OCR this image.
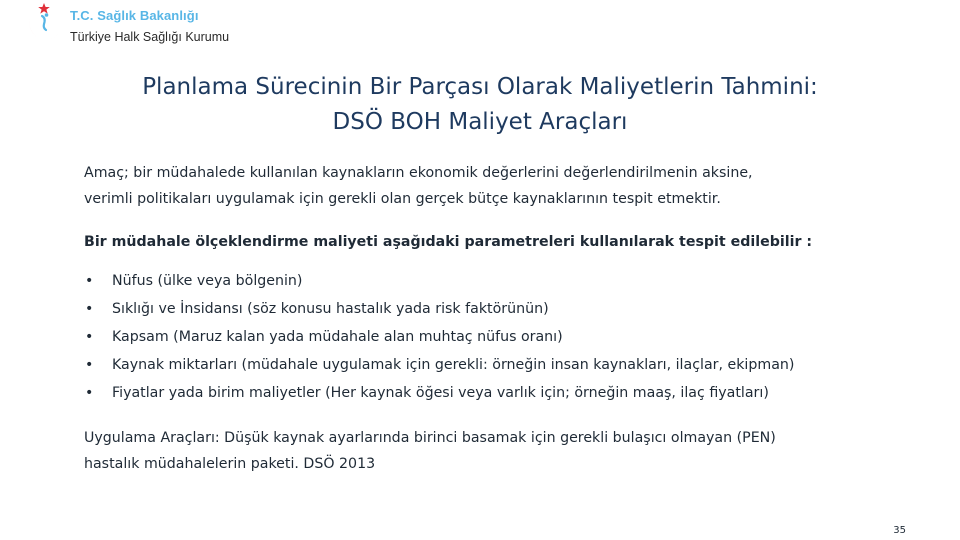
T.C. Sağlık Bakanlığı
Türkiye Halk Sağlığı Kurumu
Planlama Sürecinin Bir Parçası Olarak Maliyetlerin Tahmini:
DSÖ BOH Maliyet Araçları
Amaç; bir müdahalede kullanılan kaynakların ekonomik değerlerini değerlendirilmenin aksine,
verimli politikaları uygulamak için gerekli olan gerçek bütçe kaynaklarının tespit etmektir.
Bir müdahale ölçeklendirme maliyeti aşağıdaki parametreleri kullanılarak tespit edilebilir :
• Nüfus (ülke veya bölgenin)
• Sıklığı ve İnsidansı (söz konusu hastalık yada risk faktörünün)
• Kapsam (Maruz kalan yada müdahale alan muhtaç nüfus oranı)
• Kaynak miktarları (müdahale uygulamak için gerekli: örneğin insan kaynakları, ilaçlar, ekipman)
• Fiyatlar yada birim maliyetler (Her kaynak öğesi veya varlık için; örneğin maaş, ilaç fiyatları)
Uygulama Araçları: Düşük kaynak ayarlarında birinci basamak için gerekli bulaşıcı olmayan (PEN)
hastalık müdahalelerin paketi. DSÖ 2013
35
